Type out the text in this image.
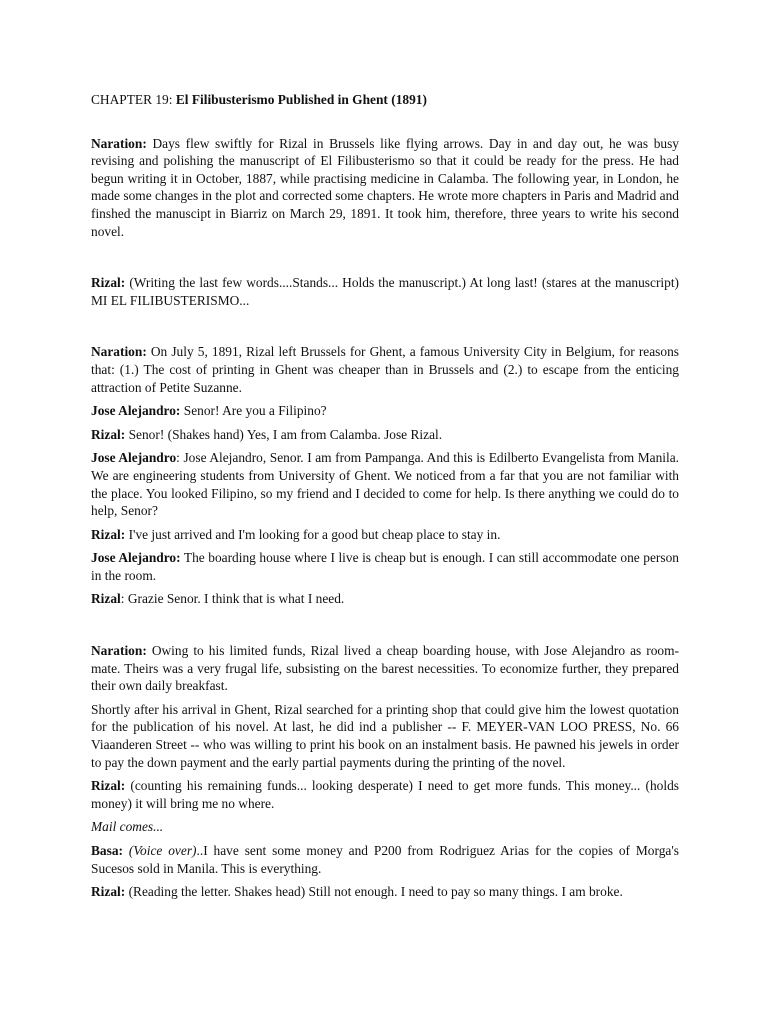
CHAPTER 19: El Filibusterismo Published in Ghent (1891)

Naration: Days flew swiftly for Rizal in Brussels like flying arrows. Day in and day out, he was busy revising and polishing the manuscript of El Filibusterismo so that it could be ready for the press. He had begun writing it in October, 1887, while practising medicine in Calamba. The following year, in London, he made some changes in the plot and corrected some chapters. He wrote more chapters in Paris and Madrid and finshed the manuscipt in Biarriz on March 29, 1891. It took him, therefore, three years to write his second novel.

Rizal: (Writing the last few words....Stands... Holds the manuscript.) At long last! (stares at the manuscript) MI EL FILIBUSTERISMO...

Naration: On July 5, 1891, Rizal left Brussels for Ghent, a famous University City in Belgium, for reasons that: (1.) The cost of printing in Ghent was cheaper than in Brussels and (2.) to escape from the enticing attraction of Petite Suzanne.

Jose Alejandro: Senor! Are you a Filipino?

Rizal: Senor! (Shakes hand) Yes, I am from Calamba. Jose Rizal.

Jose Alejandro: Jose Alejandro, Senor. I am from Pampanga. And this is Edilberto Evangelista from Manila. We are engineering students from University of Ghent. We noticed from a far that you are not familiar with the place. You looked Filipino, so my friend and I decided to come for help. Is there anything we could do to help, Senor?

Rizal: I've just arrived and I'm looking for a good but cheap place to stay in.

Jose Alejandro: The boarding house where I live is cheap but is enough. I can still accommodate one person in the room.

Rizal: Grazie Senor. I think that is what I need.

Naration: Owing to his limited funds, Rizal lived a cheap boarding house, with Jose Alejandro as room-mate. Theirs was a very frugal life, subsisting on the barest necessities. To economize further, they prepared their own daily breakfast.

Shortly after his arrival in Ghent, Rizal searched for a printing shop that could give him the lowest quotation for the publication of his novel. At last, he did ind a publisher -- F. MEYER-VAN LOO PRESS, No. 66 Viaanderen Street -- who was willing to print his book on an instalment basis. He pawned his jewels in order to pay the down payment and the early partial payments during the printing of the novel.

Rizal: (counting his remaining funds... looking desperate) I need to get more funds. This money... (holds money) it will bring me no where.

Mail comes...

Basa: (Voice over)..I have sent some money and P200 from Rodriguez Arias for the copies of Morga's Sucesos sold in Manila. This is everything.

Rizal: (Reading the letter. Shakes head) Still not enough. I need to pay so many things. I am broke.
